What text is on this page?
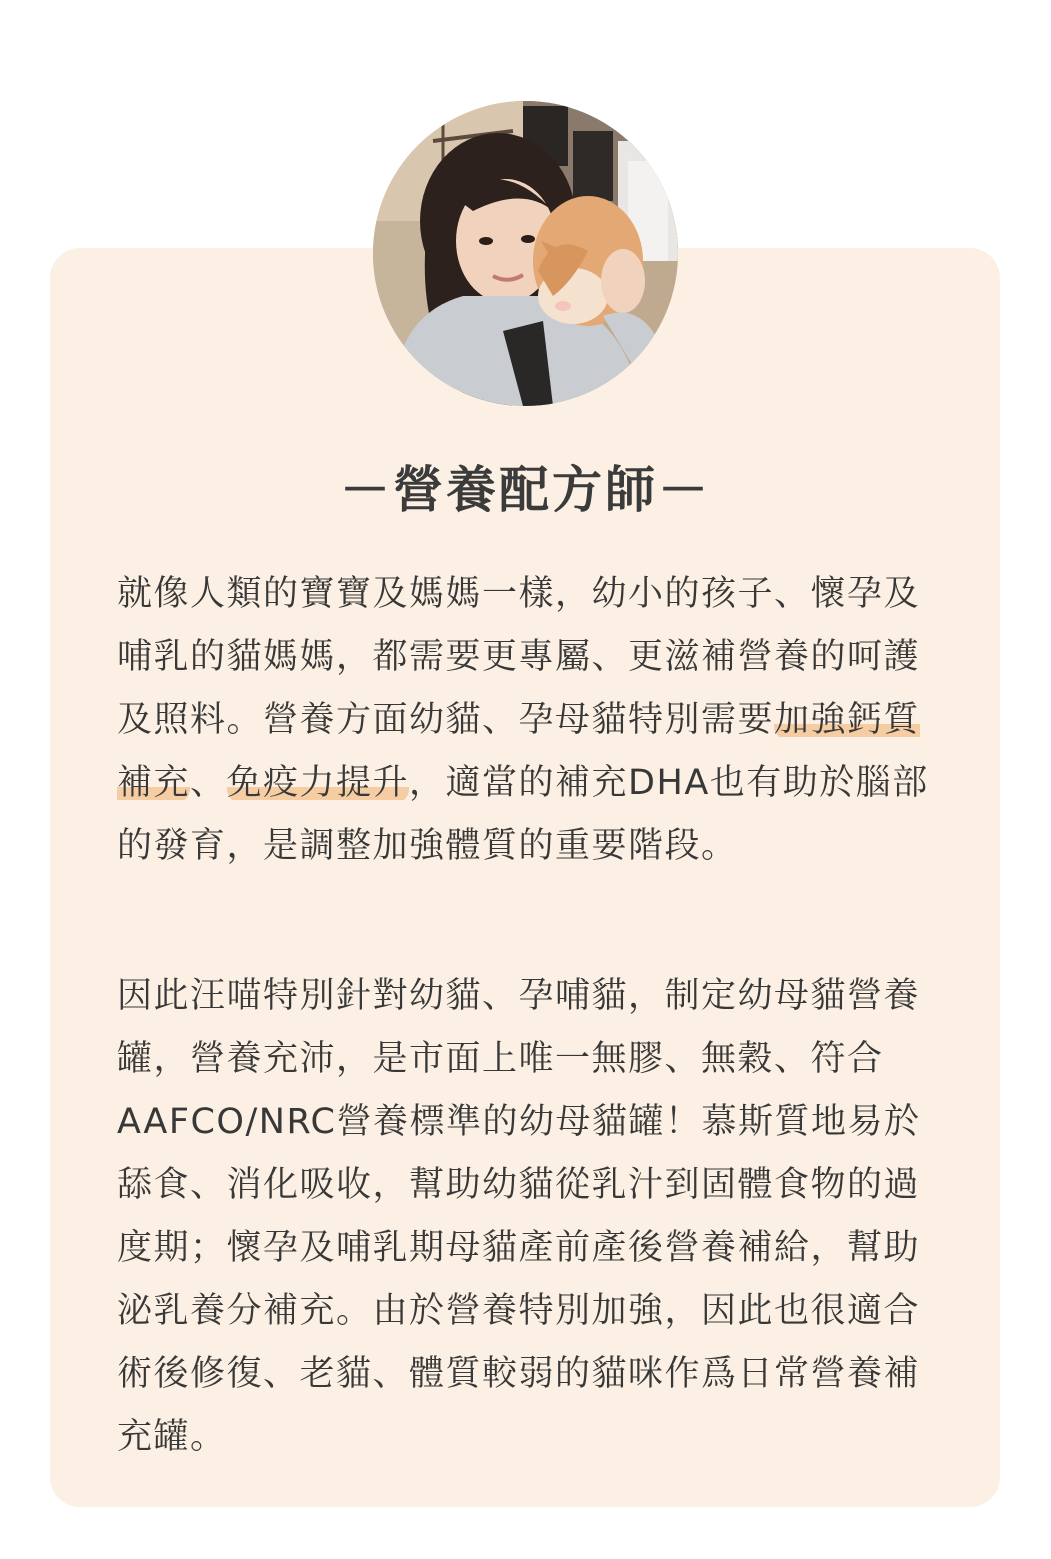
－營養配方師－

就像人類的寶寶及媽媽一樣，幼小的孩子、懷孕及哺乳的貓媽媽，都需要更專屬、更滋補營養的呵護及照料。營養方面幼貓、孕母貓特別需要加強鈣質補充、免疫力提升，適當的補充DHA也有助於腦部的發育，是調整加強體質的重要階段。

因此汪喵特別針對幼貓、孕哺貓，制定幼母貓營養罐，營養充沛，是市面上唯一無膠、無穀、符合AAFCO/NRC營養標準的幼母貓罐！慕斯質地易於舔食、消化吸收，幫助幼貓從乳汁到固體食物的過度期；懷孕及哺乳期母貓產前產後營養補給，幫助泌乳養分補充。由於營養特別加強，因此也很適合術後修復、老貓、體質較弱的貓咪作爲日常營養補充罐。
